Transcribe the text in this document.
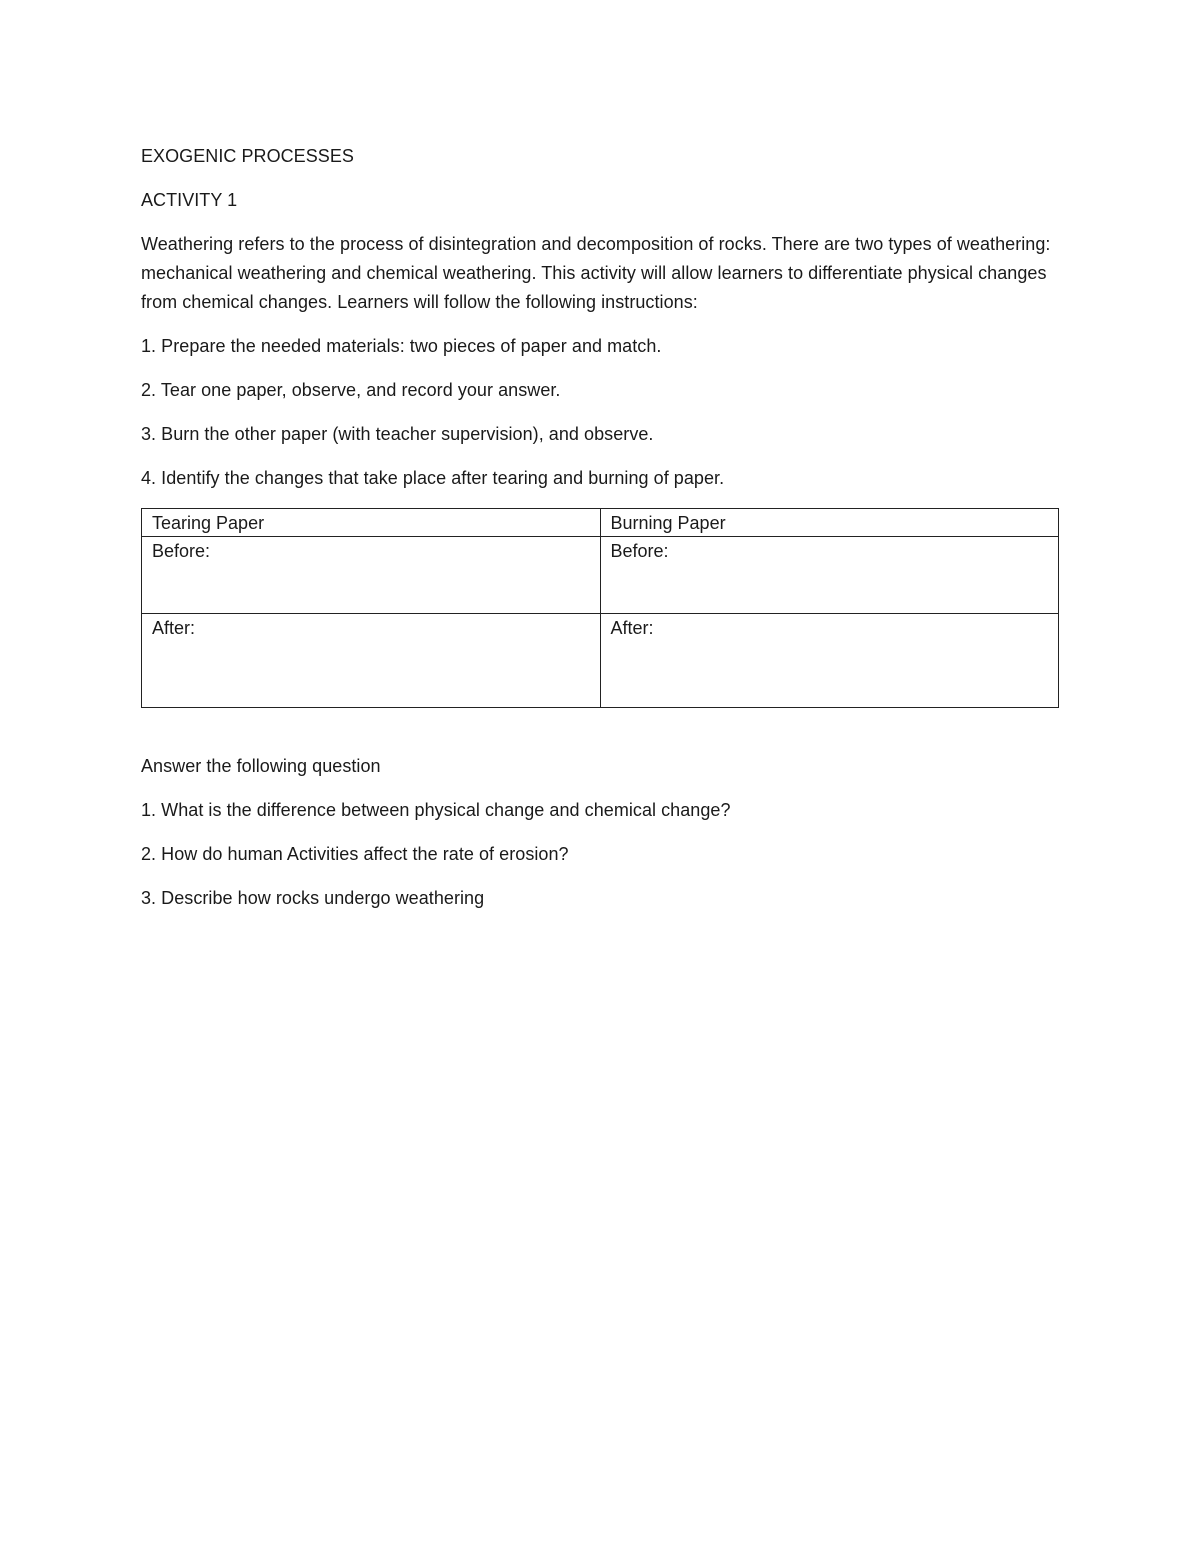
EXOGENIC PROCESSES

ACTIVITY 1

Weathering refers to the process of disintegration and decomposition of rocks. There are two types of weathering: mechanical weathering and chemical weathering. This activity will allow learners to differentiate physical changes from chemical changes. Learners will follow the following instructions:

1. Prepare the needed materials: two pieces of paper and match.

2. Tear one paper, observe, and record your answer.

3. Burn the other paper (with teacher supervision), and observe.

4. Identify the changes that take place after tearing and burning of paper.

Tearing Paper	Burning Paper
Before:	Before:
After:	After:

Answer the following question

1. What is the difference between physical change and chemical change?

2. How do human Activities affect the rate of erosion?

3. Describe how rocks undergo weathering
